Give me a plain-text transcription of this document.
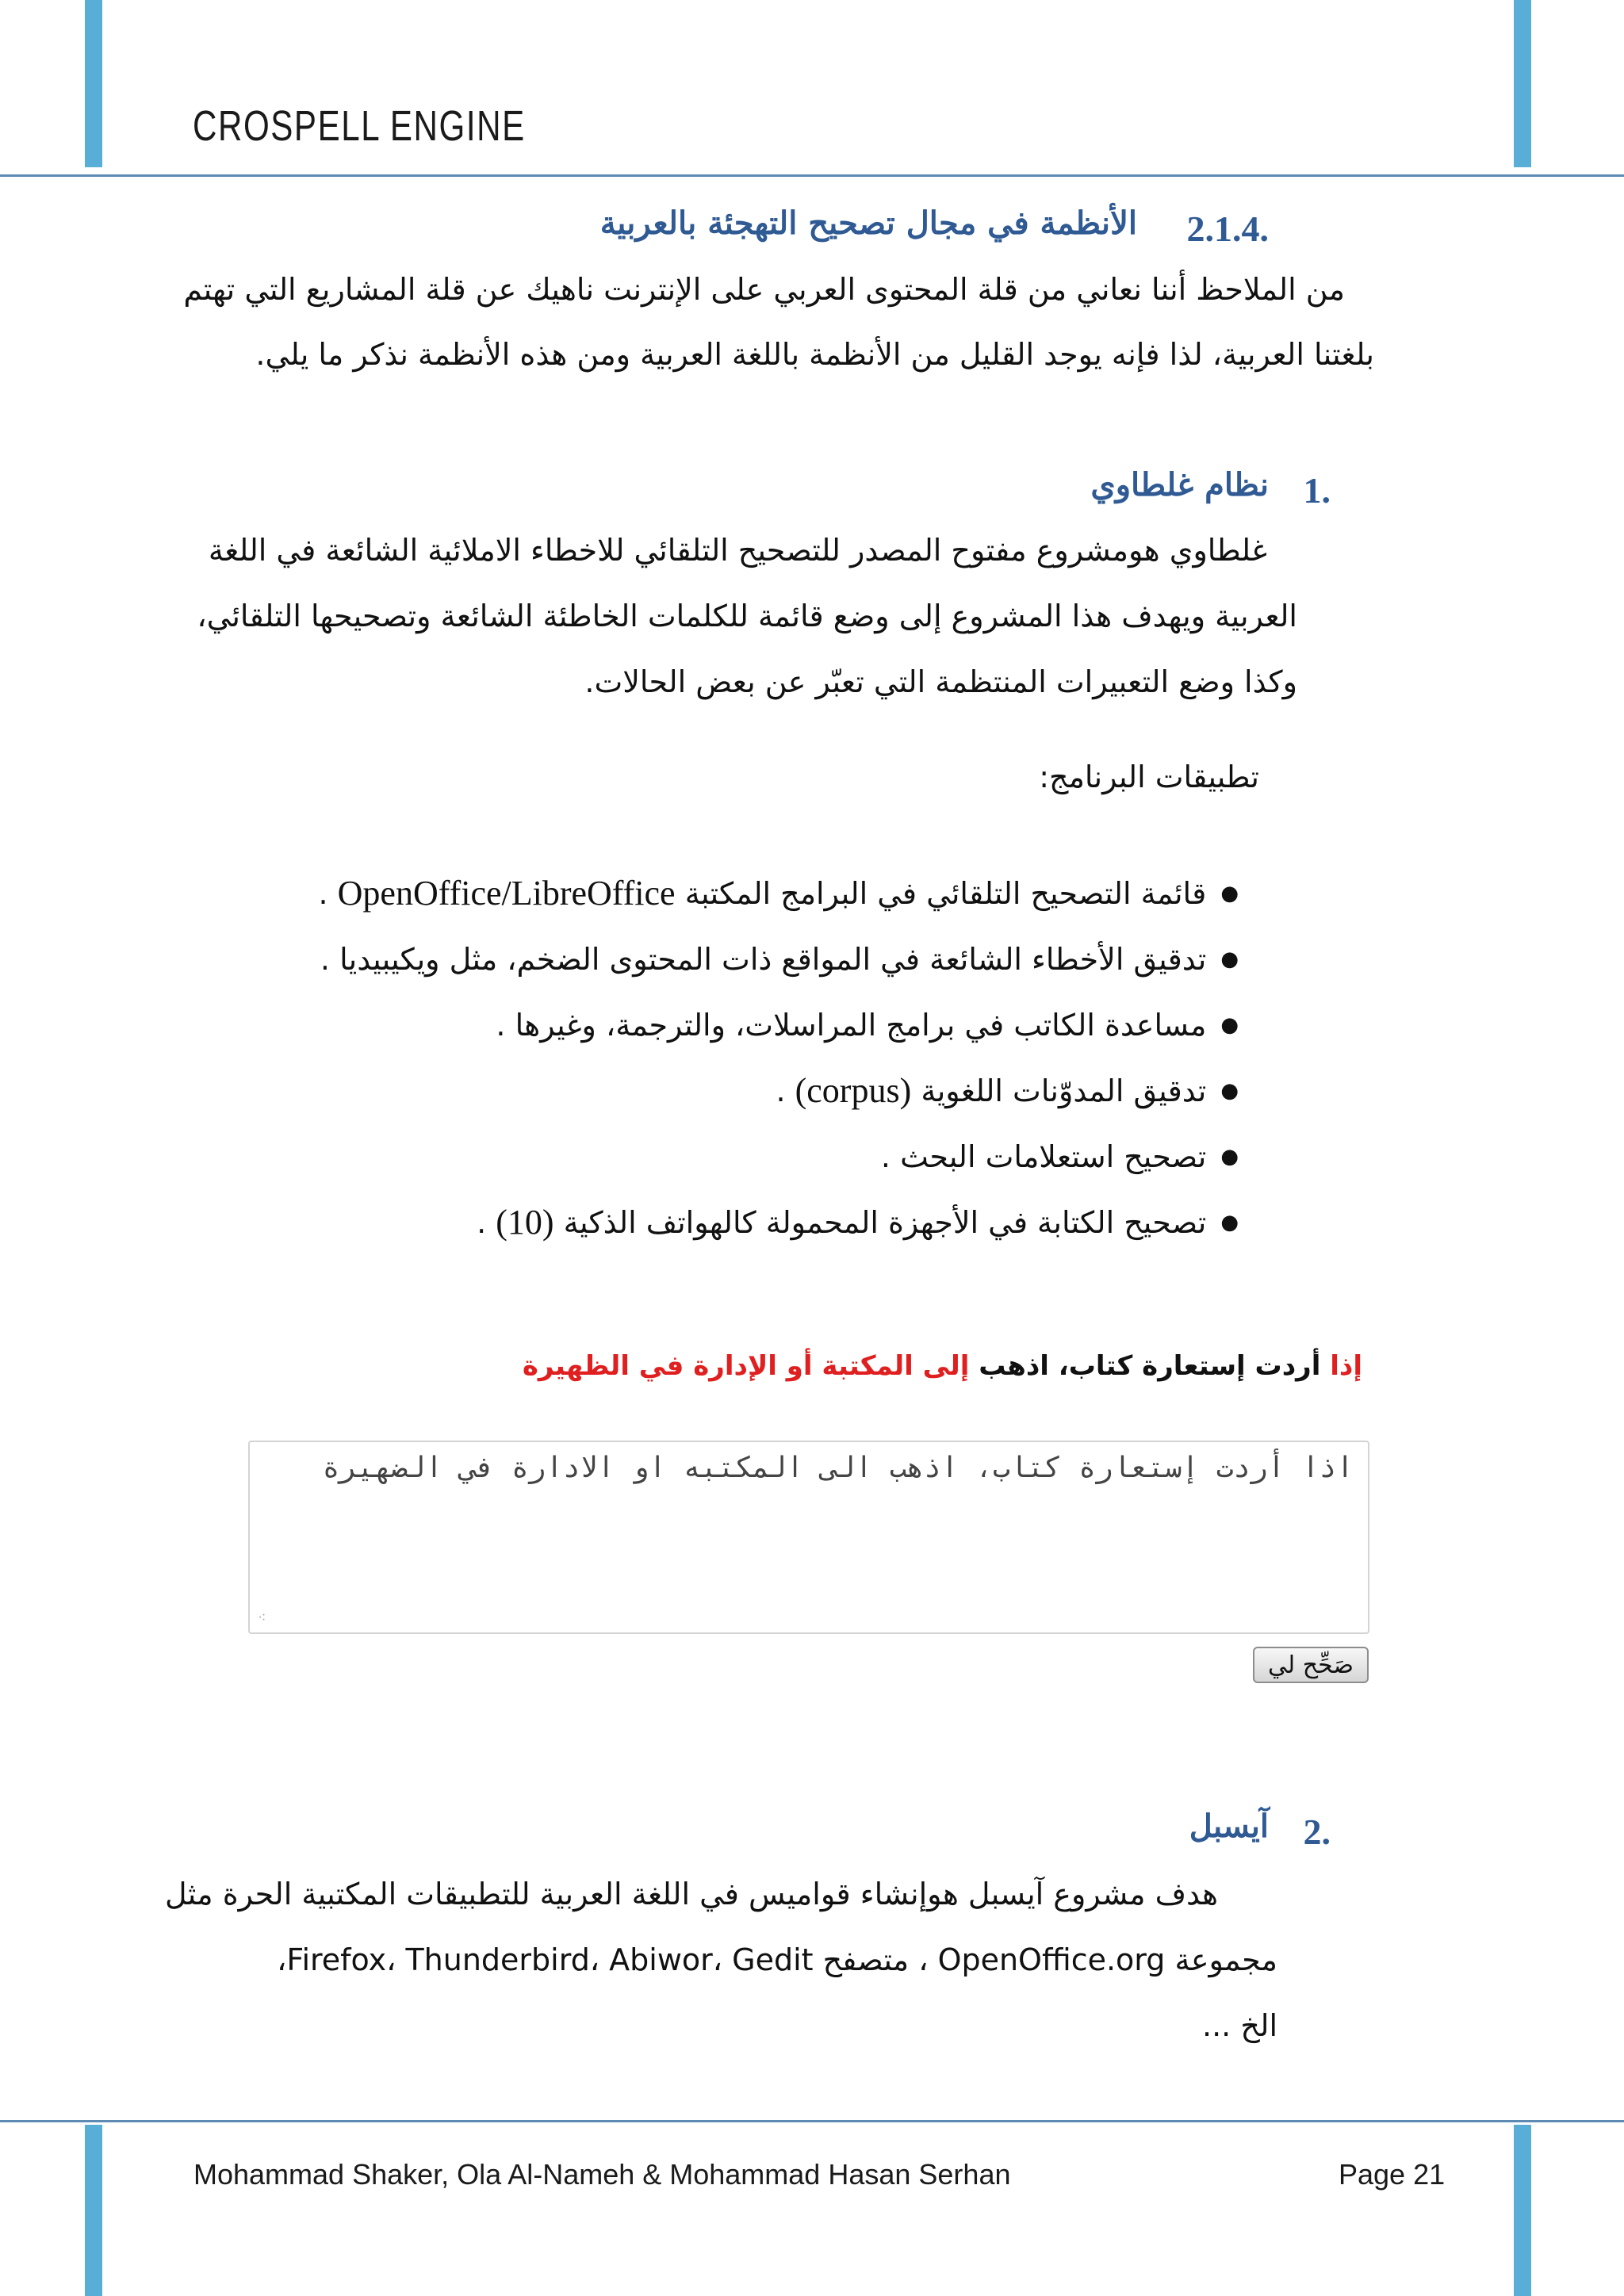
CROSPELL ENGINE
.2.1.4
الأنظمة في مجال تصحيح التهجئة بالعربية
من الملاحظ أننا نعاني من قلة المحتوى العربي على الإنترنت ناهيك عن قلة المشاريع التي تهتم
بلغتنا العربية، لذا فإنه يوجد القليل من الأنظمة باللغة العربية ومن هذه الأنظمة نذكر ما يلي.
.1
نظام غلطاوي
غلطاوي هومشروع مفتوح المصدر للتصحيح التلقائي للاخطاء الاملائية الشائعة في اللغة
العربية ويهدف هذا المشروع إلى وضع قائمة للكلمات الخاطئة الشائعة وتصحيحها التلقائي،
وكذا وضع التعبيرات المنتظمة التي تعبّر عن بعض الحالات.
تطبيقات البرنامج:
●
قائمة التصحيح التلقائي في البرامج المكتبة

OpenOffice/LibreOffice

.
●
تدقيق الأخطاء الشائعة في المواقع ذات المحتوى الضخم، مثل ويكيبيديا

.
●
مساعدة الكاتب في برامج المراسلات، والترجمة، وغيرها

.
●
تدقيق المدوّنات اللغوية

(corpus)

.
●
تصحيح استعلامات البحث

.
●
تصحيح الكتابة في الأجهزة المحمولة كالهواتف الذكية

(10)

.
إذا أردت إستعارة كتاب، اذهب إلى المكتبة أو الإدارة في الظهيرة
اذا أردت إستعارة كتاب، اذهب الى المكتبه او الادارة في الضهيرة
⁖
صَحِّح لي
.2
آيسبل
هدف مشروع آيسبل هوإنشاء قواميس في اللغة العربية للتطبيقات المكتبية الحرة مثل
مجموعة OpenOffice.org ، متصفح Firefox، Thunderbird، Abiwor، Gedit،
الخ ...
Mohammad Shaker, Ola Al-Nameh & Mohammad Hasan Serhan	Page 21
